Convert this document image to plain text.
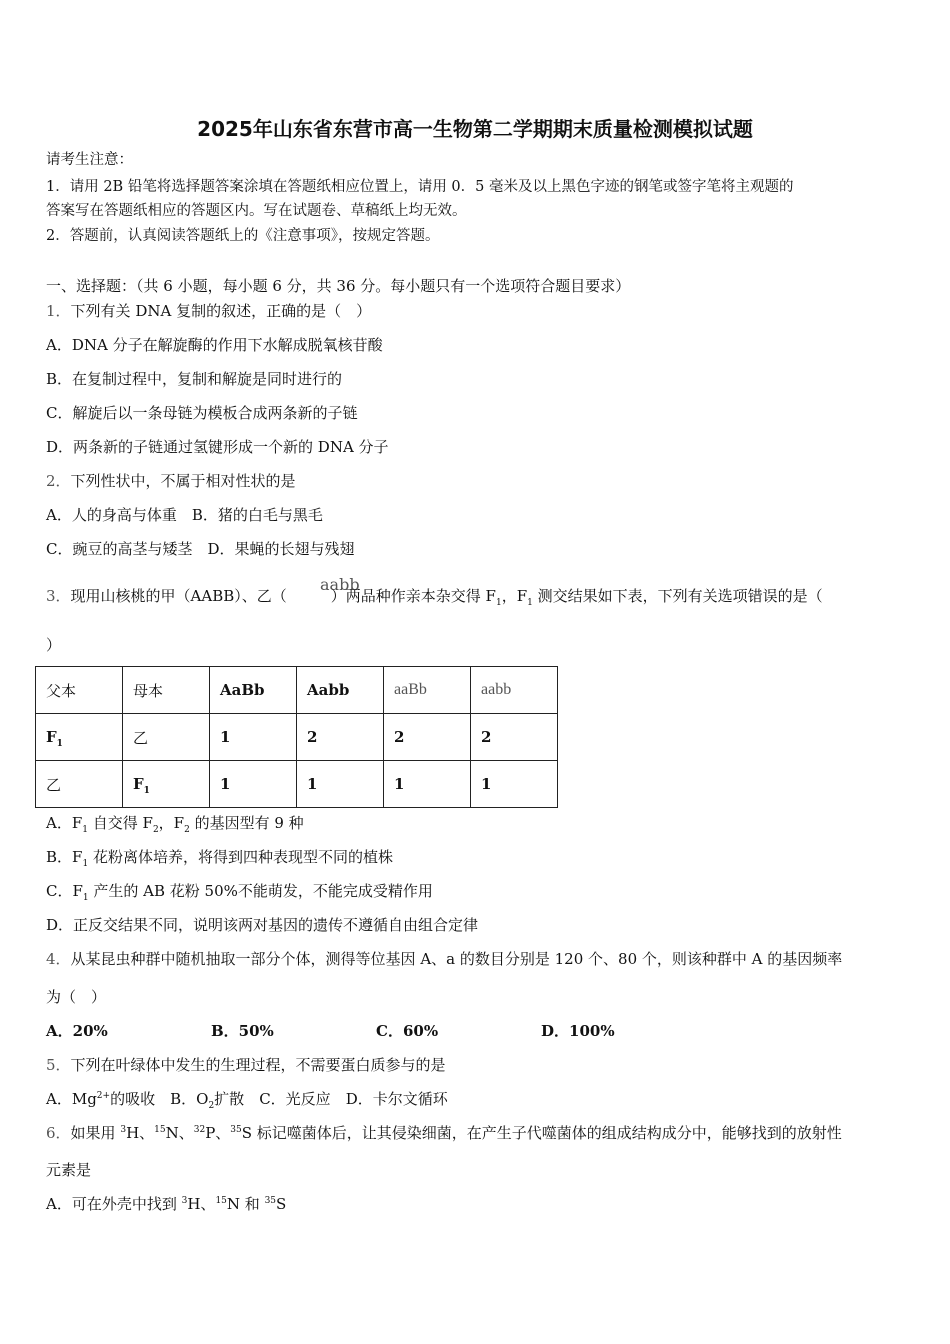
2025年山东省东营市高一生物第二学期期末质量检测模拟试题
请考生注意：
1．请用 2B 铅笔将选择题答案涂填在答题纸相应位置上，请用 0．5 毫米及以上黑色字迹的钢笔或签字笔将主观题的
答案写在答题纸相应的答题区内。写在试题卷、草稿纸上均无效。
2．答题前，认真阅读答题纸上的《注意事项》，按规定答题。
一、选择题：（共 6 小题，每小题 6 分，共 36 分。每小题只有一个选项符合题目要求）
1．下列有关 DNA 复制的叙述，正确的是（　）
A．DNA 分子在解旋酶的作用下水解成脱氧核苷酸
B．在复制过程中，复制和解旋是同时进行的
C．解旋后以一条母链为模板合成两条新的子链
D．两条新的子链通过氢键形成一个新的 DNA 分子
2．下列性状中，不属于相对性状的是
A．人的身高与体重　B．猪的白毛与黑毛
C．豌豆的高茎与矮茎　D．果蝇的长翅与残翅
aabb
3．现用山核桃的甲（AABB）、乙（	）两品种作亲本杂交得 $F_1$，$F_1$ 测交结果如下表，下列有关选项错误的是（
）
父本	母本	AaBb	Aabb	aaBb	aabb
$F_1$	乙	1	2	2	2
乙	$F_1$	1	1	1	1
A．$F_1$ 自交得 $F_2$，$F_2$ 的基因型有 9 种
B．$F_1$ 花粉离体培养，将得到四种表现型不同的植株
C．$F_1$ 产生的 AB 花粉 50%不能萌发，不能完成受精作用
D．正反交结果不同，说明该两对基因的遗传不遵循自由组合定律
4．从某昆虫种群中随机抽取一部分个体，测得等位基因 A、a 的数目分别是 120 个、80 个，则该种群中 A 的基因频率
为（　）
A．20%	B．50%	C．60%	D．100%
5．下列在叶绿体中发生的生理过程，不需要蛋白质参与的是
A．$Mg^{2+}$的吸收　 B．$O_2$扩散　 C．光反应　 D．卡尔文循环
6．如果用 $^3$H、$^{15}$N、$^{32}$P、$^{35}$S 标记噬菌体后，让其侵染细菌，在产生子代噬菌体的组成结构成分中，能够找到的放射性
元素是
A．可在外壳中找到 $^3$H、$^{15}$N 和 $^{35}$S
